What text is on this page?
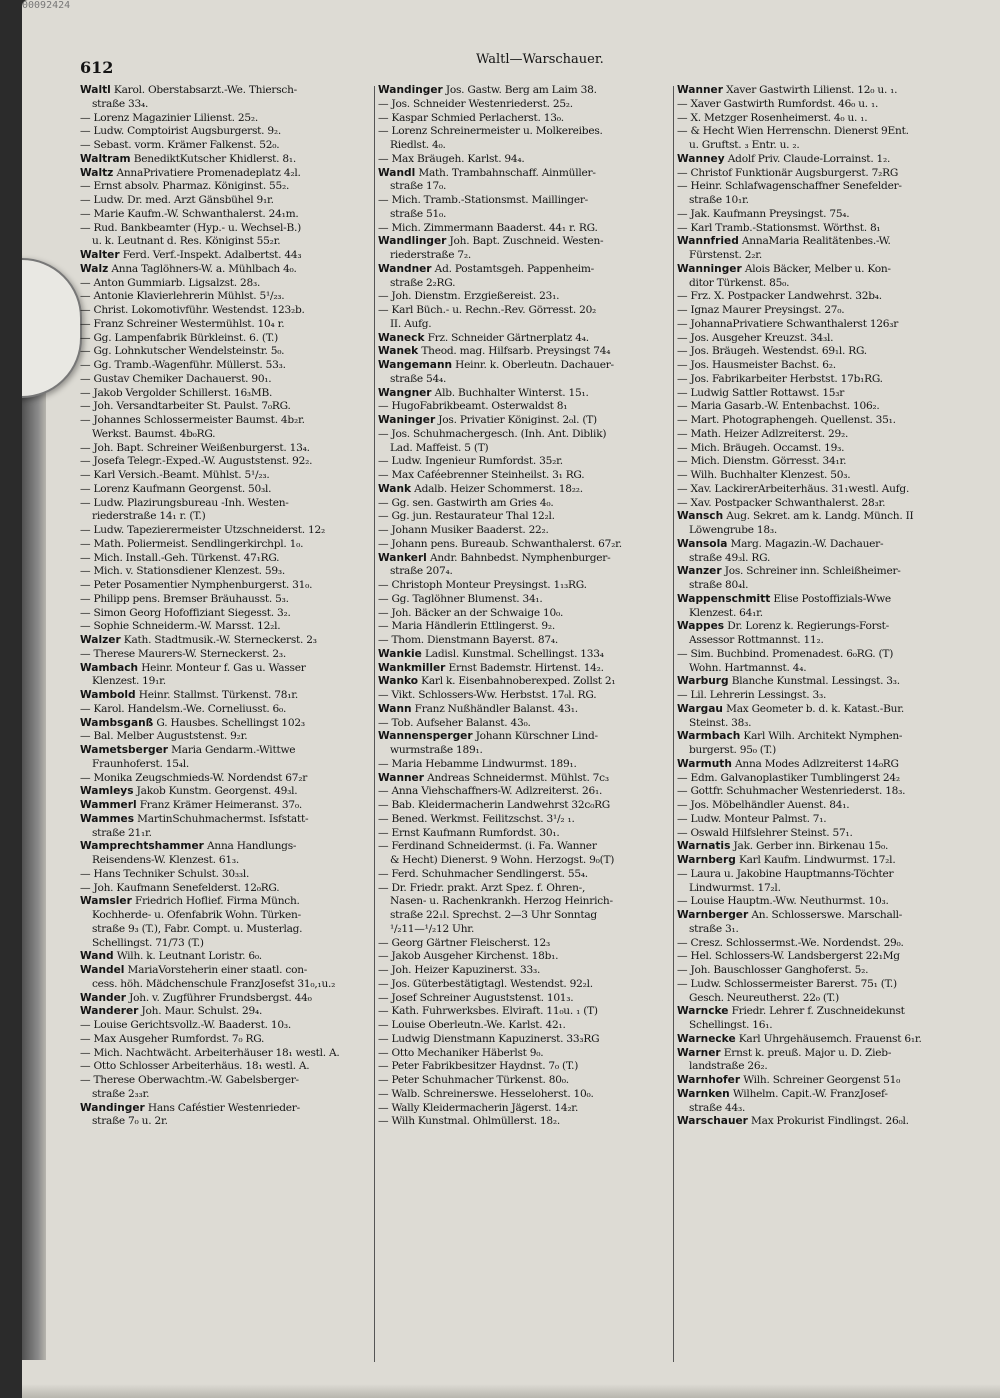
00092424
612	Waltl—Warschauer.
Waltl Karol. Oberstabsarzt.-We. Thiersch-
straße 33₄.
— Lorenz Magazinier Lilienst. 25₂.
— Ludw. Comptoirist Augsburgerst. 9₂.
— Sebast. vorm. Krämer Falkenst. 52₀.
Waltram BenediktKutscher Khidlerst. 8₁.
Waltz AnnaPrivatiere Promenadeplatz 4₂l.
— Ernst absolv. Pharmaz. Königinst. 55₂.
— Ludw. Dr. med. Arzt Gänsbühel 9₁r.
— Marie Kaufm.-W. Schwanthalerst. 24₁m.
— Rud. Bankbeamter (Hyp.- u. Wechsel-B.)
u. k. Leutnant d. Res. Königinst 55₂r.
Walter Ferd. Verf.-Inspekt. Adalbertst. 44₃
Walz Anna Taglöhners-W. a. Mühlbach 4₀.
— Anton Gummiarb. Ligsalzst. 28₃.
— Antonie Klavierlehrerin Mühlst. 5¹/₂₃.
— Christ. Lokomotivführ. Westendst. 123₂b.
— Franz Schreiner Westermühlst. 10₄ r.
— Gg. Lampenfabrik Bürkleinst. 6. (T.)
— Gg. Lohnkutscher Wendelsteinstr. 5₀.
— Gg. Tramb.-Wagenführ. Müllerst. 53₃.
— Gustav Chemiker Dachauerst. 90₁.
— Jakob Vergolder Schillerst. 16₃MB.
— Joh. Versandtarbeiter St. Paulst. 7₀RG.
— Johannes Schlossermeister Baumst. 4b₂r.
Werkst. Baumst. 4b₀RG.
— Joh. Bapt. Schreiner Weißenburgerst. 13₄.
— Josefa Telegr.-Exped.-W. Auguststenst. 92₂.
— Karl Versich.-Beamt. Mühlst. 5¹/₂₃.
— Lorenz Kaufmann Georgenst. 50₃l.
— Ludw. Plazirungsbureau -Inh. Westen-
riederstraße 14₁ r. (T.)
— Ludw. Tapezierermeister Utzschneiderst. 12₂
— Math. Poliermeist. Sendlingerkirchpl. 1₀.
— Mich. Install.-Geh. Türkenst. 47₁RG.
— Mich. v. Stationsdiener Klenzest. 59₃.
— Peter Posamentier Nymphenburgerst. 31₀.
— Philipp pens. Bremser Bräuhausst. 5₃.
— Simon Georg Hofoffiziant Siegesst. 3₂.
— Sophie Schneiderm.-W. Marsst. 12₂l.
Walzer Kath. Stadtmusik.-W. Sterneckerst. 2₃
— Therese Maurers-W. Sterneckerst. 2₃.
Wambach Heinr. Monteur f. Gas u. Wasser
Klenzest. 19₁r.
Wambold Heinr. Stallmst. Türkenst. 78₁r.
— Karol. Handelsm.-We. Corneliusst. 6₀.
Wambsganß G. Hausbes. Schellingst 102₃
— Bal. Melber Auguststenst. 9₂r.
Wametsberger Maria Gendarm.-Wittwe
Fraunhoferst. 15₄l.
— Monika Zeugschmieds-W. Nordendst 67₂r
Wamleys Jakob Kunstm. Georgenst. 49₃l.
Wammerl Franz Krämer Heimeranst. 37₀.
Wammes MartinSchuhmachermst. Isfstatt-
straße 21₁r.
Wamprechtshammer Anna Handlungs-
Reisendens-W. Klenzest. 61₃.
— Hans Techniker Schulst. 30₃₃l.
— Joh. Kaufmann Senefelderst. 12₀RG.
Wamsler Friedrich Hoflief. Firma Münch.
Kochherde- u. Ofenfabrik Wohn. Türken-
straße 9₃ (T.), Fabr. Compt. u. Musterlag.
Schellingst. 71/73 (T.)
Wand Wilh. k. Leutnant Loristr. 6₀.
Wandel MariaVorsteherin einer staatl. con-
cess. höh. Mädchenschule FranzJosefst 31₀,₁u.₂
Wander Joh. v. Zugführer Frundsbergst. 44₀
Wanderer Joh. Maur. Schulst. 29₄.
— Louise Gerichtsvollz.-W. Baaderst. 10₃.
— Max Ausgeher Rumfordst. 7₀ RG.
— Mich. Nachtwächt. Arbeiterhäuser 18₁ westl. A.
— Otto Schlosser Arbeiterhäus. 18₁ westl. A.
— Therese Oberwachtm.-W. Gabelsberger-
straße 2₃₃r.
Wandinger Hans Caféstier Westenrieder-
straße 7₀ u. 2r.
Wandinger Jos. Gastw. Berg am Laim 38.
— Jos. Schneider Westenriederst. 25₂.
— Kaspar Schmied Perlacherst. 13₀.
— Lorenz Schreinermeister u. Molkereibes.
Riedlst. 4₀.
— Max Bräugeh. Karlst. 94₄.
Wandl Math. Trambahnschaff. Ainmüller-
straße 17₀.
— Mich. Tramb.-Stationsmst. Maillinger-
straße 51₀.
— Mich. Zimmermann Baaderst. 44₁ r. RG.
Wandlinger Joh. Bapt. Zuschneid. Westen-
riederstraße 7₂.
Wandner Ad. Postamtsgeh. Pappenheim-
straße 2₂RG.
— Joh. Dienstm. Erzgießereist. 23₁.
— Karl Büch.- u. Rechn.-Rev. Görresst. 20₂
II. Aufg.
Waneck Frz. Schneider Gärtnerplatz 4₄.
Wanek Theod. mag. Hilfsarb. Preysingst 74₄
Wangemann Heinr. k. Oberleutn. Dachauer-
straße 54₄.
Wangner Alb. Buchhalter Winterst. 15₁.
— HugoFabrikbeamt. Osterwaldst 8₁
Waninger Jos. Privatier Königinst. 2₀l. (T)
— Jos. Schuhmachergesch. (Inh. Ant. Diblik)
Lad. Maffeist. 5 (T)
— Ludw. Ingenieur Rumfordst. 35₂r.
— Max Caféebrenner Steinheilst. 3₁ RG.
Wank Adalb. Heizer Schommerst. 18₂₂.
— Gg. sen. Gastwirth am Gries 4₀.
— Gg. jun. Restaurateur Thal 12₂l.
— Johann Musiker Baaderst. 22₂.
— Johann pens. Bureaub. Schwanthalerst. 67₂r.
Wankerl Andr. Bahnbedst. Nymphenburger-
straße 207₄.
— Christoph Monteur Preysingst. 1₁₃RG.
— Gg. Taglöhner Blumenst. 34₁.
— Joh. Bäcker an der Schwaige 10₀.
— Maria Händlerin Ettlingerst. 9₂.
— Thom. Dienstmann Bayerst. 87₄.
Wankie Ladisl. Kunstmal. Schellingst. 133₄
Wankmiller Ernst Bademstr. Hirtenst. 14₂.
Wanko Karl k. Eisenbahnoberexped. Zollst 2₁
— Vikt. Schlossers-Ww. Herbstst. 17₀l. RG.
Wann Franz Nußhändler Balanst. 43₁.
— Tob. Aufseher Balanst. 43₀.
Wannensperger Johann Kürschner Lind-
wurmstraße 189₁.
— Maria Hebamme Lindwurmst. 189₁.
Wanner Andreas Schneidermst. Mühlst. 7c₃
— Anna Viehschaffners-W. Adlzreiterst. 26₁.
— Bab. Kleidermacherin Landwehrst 32c₀RG
— Bened. Werkmst. Feilitzschst. 3¹/₂ ₁.
— Ernst Kaufmann Rumfordst. 30₁.
— Ferdinand Schneidermst. (i. Fa. Wanner
& Hecht) Dienerst. 9 Wohn. Herzogst. 9₀(T)
— Ferd. Schuhmacher Sendlingerst. 55₄.
— Dr. Friedr. prakt. Arzt Spez. f. Ohren-,
Nasen- u. Rachenkrankh. Herzog Heinrich-
straße 22₁l. Sprechst. 2—3 Uhr Sonntag
¹/₂11—¹/₂12 Uhr.
— Georg Gärtner Fleischerst. 12₃
— Jakob Ausgeher Kirchenst. 18b₁.
— Joh. Heizer Kapuzinerst. 33₃.
— Jos. Güterbestätigtagl. Westendst. 92₂l.
— Josef Schreiner Auguststenst. 101₃.
— Kath. Fuhrwerksbes. Elviraft. 11₀u. ₁ (T)
— Louise Oberleutn.-We. Karlst. 42₁.
— Ludwig Dienstmann Kapuzinerst. 33₃RG
— Otto Mechaniker Häberlst 9₀.
— Peter Fabrikbesitzer Haydnst. 7₀ (T.)
— Peter Schuhmacher Türkenst. 80₀.
— Walb. Schreinerswe. Hesseloherst. 10₀.
— Wally Kleidermacherin Jägerst. 14₂r.
— Wilh Kunstmal. Ohlmüllerst. 18₂.
Wanner Xaver Gastwirth Lilienst. 12₀ u. ₁.
— Xaver Gastwirth Rumfordst. 46₀ u. ₁.
— X. Metzger Rosenheimerst. 4₀ u. ₁.
— & Hecht Wien Herrenschn. Dienerst 9Ent.
u. Gruftst. ₃ Entr. u. ₂.
Wanney Adolf Priv. Claude-Lorrainst. 1₂.
— Christof Funktionär Augsburgerst. 7₂RG
— Heinr. Schlafwagenschaffner Senefelder-
straße 10₁r.
— Jak. Kaufmann Preysingst. 75₄.
— Karl Tramb.-Stationsmst. Wörthst. 8₁
Wannfried AnnaMaria Realitätenbes.-W.
Fürstenst. 2₂r.
Wanninger Alois Bäcker, Melber u. Kon-
ditor Türkenst. 85₀.
— Frz. X. Postpacker Landwehrst. 32b₄.
— Ignaz Maurer Preysingst. 27₀.
— JohannaPrivatiere Schwanthalerst 126₃r
— Jos. Ausgeher Kreuzst. 34₃l.
— Jos. Bräugeh. Westendst. 69₁l. RG.
— Jos. Hausmeister Bachst. 6₂.
— Jos. Fabrikarbeiter Herbstst. 17b₁RG.
— Ludwig Sattler Rottawst. 15₃r
— Maria Gasarb.-W. Entenbachst. 106₂.
— Mart. Photographengeh. Quellenst. 35₁.
— Math. Heizer Adlzreiterst. 29₂.
— Mich. Bräugeh. Occamst. 19₃.
— Mich. Dienstm. Görresst. 34₁r.
— Wilh. Buchhalter Klenzest. 50₃.
— Xav. LackirerArbeiterhäus. 31₁westl. Aufg.
— Xav. Postpacker Schwanthalerst. 28₃r.
Wansch Aug. Sekret. am k. Landg. Münch. II
Löwengrube 18₃.
Wansola Marg. Magazin.-W. Dachauer-
straße 49₃l. RG.
Wanzer Jos. Schreiner inn. Schleißheimer-
straße 80₄l.
Wappenschmitt Elise Postoffizials-Wwe
Klenzest. 64₁r.
Wappes Dr. Lorenz k. Regierungs-Forst-
Assessor Rottmannst. 11₂.
— Sim. Buchbind. Promenadest. 6₀RG. (T)
Wohn. Hartmannst. 4₄.
Warburg Blanche Kunstmal. Lessingst. 3₃.
— Lil. Lehrerin Lessingst. 3₃.
Wargau Max Geometer b. d. k. Katast.-Bur.
Steinst. 38₃.
Warmbach Karl Wilh. Architekt Nymphen-
burgerst. 95₀ (T.)
Warmuth Anna Modes Adlzreiterst 14₀RG
— Edm. Galvanoplastiker Tumblingerst 24₂
— Gottfr. Schuhmacher Westenriederst. 18₃.
— Jos. Möbelhändler Auenst. 84₁.
— Ludw. Monteur Palmst. 7₁.
— Oswald Hilfslehrer Steinst. 57₁.
Warnatis Jak. Gerber inn. Birkenau 15₀.
Warnberg Karl Kaufm. Lindwurmst. 17₂l.
— Laura u. Jakobine Hauptmanns-Töchter
Lindwurmst. 17₂l.
— Louise Hauptm.-Ww. Neuthurmst. 10₃.
Warnberger An. Schlosserswe. Marschall-
straße 3₁.
— Cresz. Schlossermst.-We. Nordendst. 29₀.
— Hel. Schlossers-W. Landsbergerst 22₁Mg
— Joh. Bauschlosser Ganghoferst. 5₂.
— Ludw. Schlossermeister Barerst. 75₁ (T.)
Gesch. Neureutherst. 22₀ (T.)
Warncke Friedr. Lehrer f. Zuschneidekunst
Schellingst. 16₁.
Warnecke Karl Uhrgehäusemch. Frauenst 6₁r.
Warner Ernst k. preuß. Major u. D. Zieb-
landstraße 26₂.
Warnhofer Wilh. Schreiner Georgenst 51₀
Warnken Wilhelm. Capit.-W. FranzJosef-
straße 44₃.
Warschauer Max Prokurist Findlingst. 26₀l.
